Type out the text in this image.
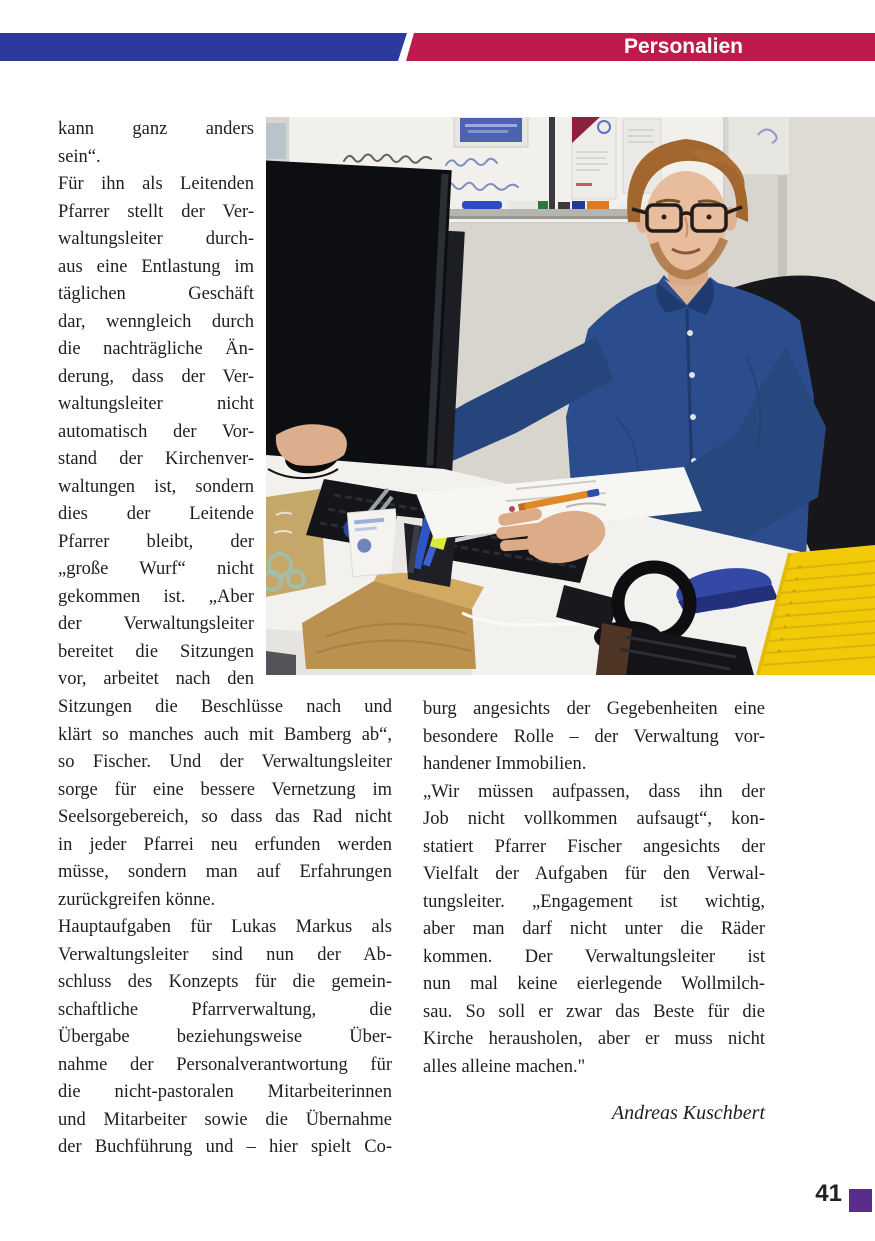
Personalien
kann ganz anders
sein“.
Für ihn als Leitenden
Pfarrer stellt der Ver-
waltungsleiter durch-
aus eine Entlastung im
täglichen Geschäft
dar, wenngleich durch
die nachträgliche Än-
derung, dass der Ver-
waltungsleiter nicht
automatisch der Vor-
stand der Kirchenver-
waltungen ist, sondern
dies der Leitende
Pfarrer bleibt, der
„große Wurf“ nicht
gekommen ist. „Aber
der Verwaltungsleiter
bereitet die Sitzungen
vor, arbeitet nach den
Sitzungen die Beschlüsse nach und
klärt so manches auch mit Bamberg ab“,
so Fischer. Und der Verwaltungsleiter
sorge für eine bessere Vernetzung im
Seelsorgebereich, so dass das Rad nicht
in jeder Pfarrei neu erfunden werden
müsse, sondern man auf Erfahrungen
zurückgreifen könne.
Hauptaufgaben für Lukas Markus als
Verwaltungsleiter sind nun der Ab-
schluss des Konzepts für die gemein-
schaftliche Pfarrverwaltung, die
Übergabe beziehungsweise Über-
nahme der Personalverantwortung für
die nicht-pastoralen Mitarbeiterinnen
und Mitarbeiter sowie die Übernahme
der Buchführung und – hier spielt Co-
burg angesichts der Gegebenheiten eine
besondere Rolle – der Verwaltung vor-
handener Immobilien.
„Wir müssen aufpassen, dass ihn der
Job nicht vollkommen aufsaugt“, kon-
statiert Pfarrer Fischer angesichts der
Vielfalt der Aufgaben für den Verwal-
tungsleiter. „Engagement ist wichtig,
aber man darf nicht unter die Räder
kommen. Der Verwaltungsleiter ist
nun mal keine eierlegende Wollmilch-
sau. So soll er zwar das Beste für die
Kirche herausholen, aber er muss nicht
alles alleine machen."
Andreas Kuschbert
41
